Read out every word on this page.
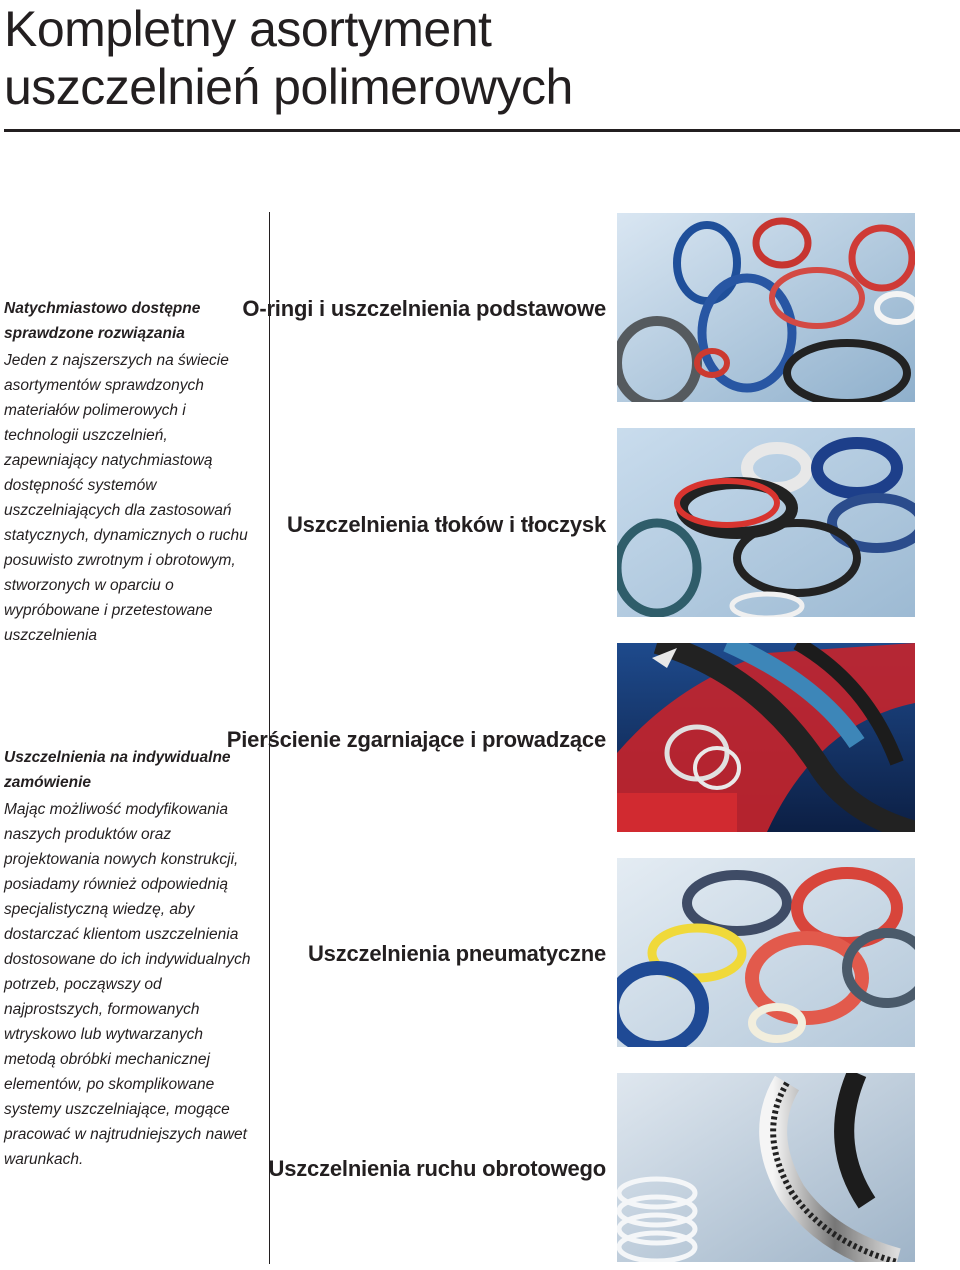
Kompletny asortyment
uszczelnień polimerowych
Natychmiastowo dostępne sprawdzone rozwiązania

Jeden z najszerszych na świecie asortymentów sprawdzonych materiałów polimerowych i technologii uszczelnień, zapewniający natychmiastową dostępność systemów uszczelniających dla zastosowań statycznych, dynamicznych o ruchu posuwisto zwrotnym i obrotowym, stworzonych w oparciu o wypróbowane i przetestowane uszczelnienia

Uszczelnienia na indywidualne zamówienie

Mając możliwość modyfikowania naszych produktów oraz projektowania nowych konstrukcji, posiadamy również odpowiednią specjalistyczną wiedzę, aby dostarczać klientom uszczelnienia dostosowane do ich indywidualnych potrzeb, począwszy od najprostszych, formowanych wtryskowo lub wytwarzanych metodą obróbki mechanicznej elementów, po skomplikowane systemy uszczelniające, mogące pracować w najtrudniejszych nawet warunkach.

O-ringi i uszczelnienia podstawowe
Uszczelnienia tłoków i tłoczysk
Pierścienie zgarniające i prowadzące
Uszczelnienia pneumatyczne
Uszczelnienia ruchu obrotowego
